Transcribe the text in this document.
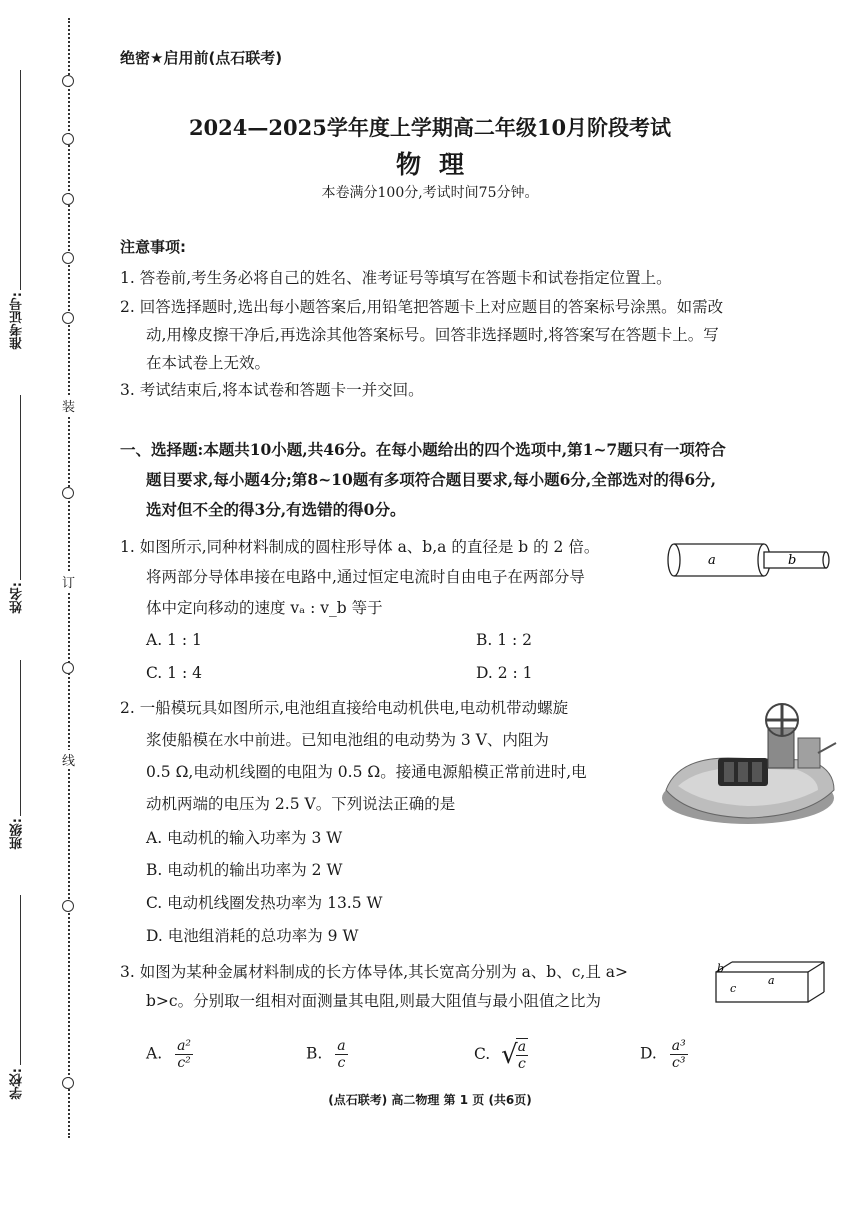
装
订
线
准考证号:
姓名:
班级:
学校:
绝密★启用前(点石联考)
2024—2025学年度上学期高二年级10月阶段考试
物理
本卷满分100分,考试时间75分钟。
注意事项:
1. 答卷前,考生务必将自己的姓名、准考证号等填写在答题卡和试卷指定位置上。
2. 回答选择题时,选出每小题答案后,用铅笔把答题卡上对应题目的答案标号涂黑。如需改
动,用橡皮擦干净后,再选涂其他答案标号。回答非选择题时,将答案写在答题卡上。写
在本试卷上无效。
3. 考试结束后,将本试卷和答题卡一并交回。
一、选择题:本题共10小题,共46分。在每小题给出的四个选项中,第1~7题只有一项符合
题目要求,每小题4分;第8~10题有多项符合题目要求,每小题6分,全部选对的得6分,
选对但不全的得3分,有选错的得0分。
1. 如图所示,同种材料制成的圆柱形导体 a、b,a 的直径是 b 的 2 倍。
将两部分导体串接在电路中,通过恒定电流时自由电子在两部分导
体中定向移动的速度 vₐ : v_b 等于
A. 1 : 1	B. 1 : 2
C. 1 : 4	D. 2 : 1
a	b
2. 一船模玩具如图所示,电池组直接给电动机供电,电动机带动螺旋
浆使船模在水中前进。已知电池组的电动势为 3 V、内阻为
0.5 Ω,电动机线圈的电阻为 0.5 Ω。接通电源船模正常前进时,电
动机两端的电压为 2.5 V。下列说法正确的是
A. 电动机的输入功率为 3 W
B. 电动机的输出功率为 2 W
C. 电动机线圈发热功率为 13.5 W
D. 电池组消耗的总功率为 9 W
3. 如图为某种金属材料制成的长方体导体,其长宽高分别为 a、b、c,且 a>
b>c。分别取一组相对面测量其电阻,则最大阻值与最小阻值之比为
b
c
a
A. $\frac{\text{a²}}{\text{c²}}$	B. $\frac{a}{c}$	C. √
$\frac{a}{c}$	D. $\frac{\text{a³}}{\text{c³}}$
(点石联考) 高二物理 第 1 页 (共6页)
